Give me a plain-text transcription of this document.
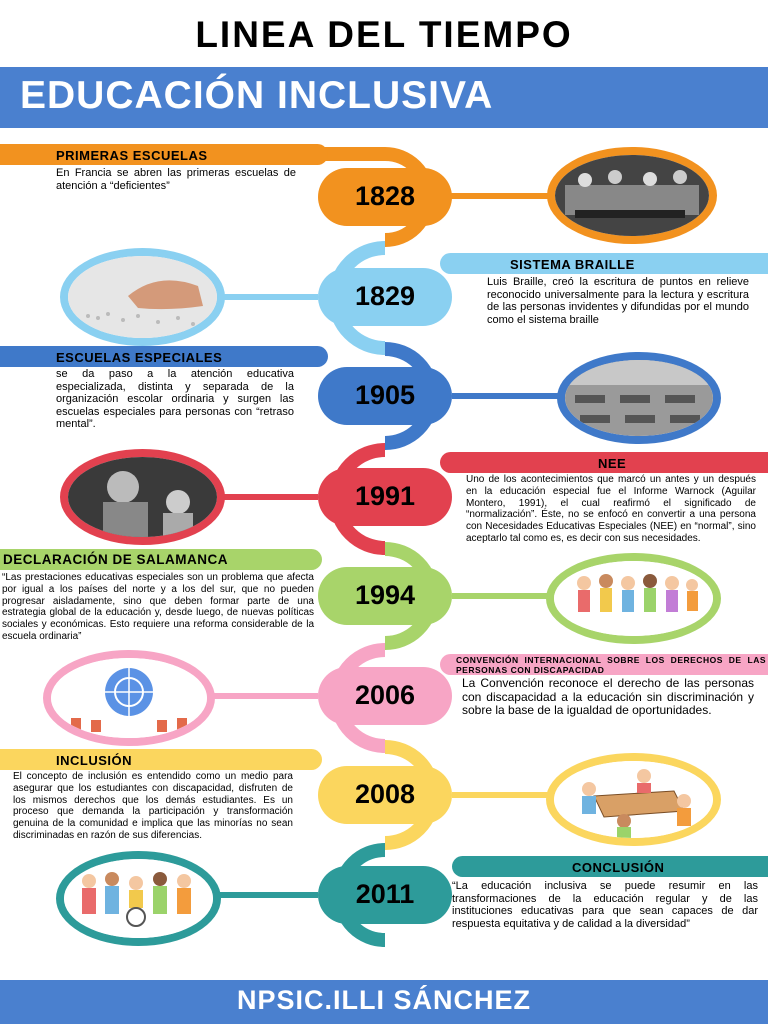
LINEA DEL TIEMPO
EDUCACIÓN INCLUSIVA
1828
1829
1905
1991
1994
2006
2008
2011
PRIMERAS ESCUELAS
En Francia se abren las primeras escuelas de atención a “deficientes”
SISTEMA BRAILLE
Luis Braille, creó la escritura de puntos en relieve reconocido universalmente para la lectura y escritura de las personas invidentes y difundidas por el mundo como el sistema braille
ESCUELAS ESPECIALES
se da paso a la atención educativa especializada, distinta y separada de la organización escolar ordinaria y surgen las escuelas especiales para personas con “retraso mental”.
NEE
Uno de los acontecimientos que marcó un antes y un después en la educación especial fue el Informe Warnock (Aguilar Montero, 1991), el cual reafirmó el significado de “normalización”. Éste, no se enfocó en convertir a una persona con Necesidades Educativas Especiales (NEE) en “normal”, sino aceptarlo tal como es, es decir con sus necesidades.
DECLARACIÓN DE SALAMANCA
“Las prestaciones educativas especiales son un problema que afecta por igual a los países del norte y a los del sur, que no pueden progresar aisladamente, sino que deben formar parte de una estrategia global de la educación y, desde luego, de nuevas políticas sociales y económicas. Esto requiere una reforma considerable de la escuela ordinaria”
CONVENCIÓN INTERNACIONAL SOBRE LOS DERECHOS DE LAS PERSONAS CON DISCAPACIDAD
La Convención reconoce el derecho de las personas con discapacidad a la educación sin discriminación y sobre la base de la igualdad de oportunidades.
INCLUSIÓN
El concepto de inclusión es entendido como un medio para asegurar que los estudiantes con discapacidad, disfruten de los mismos derechos que los demás estudiantes. Es un proceso que demanda la participación y transformación genuina de la comunidad e implica que las minorías no sean discriminadas en razón de sus diferencias.
CONCLUSIÓN
“La educación inclusiva se puede resumir en las transformaciones de la educación regular y de las instituciones educativas para que sean capaces de dar respuesta equitativa y de calidad a la diversidad”
NPSIC.ILLI SÁNCHEZ
